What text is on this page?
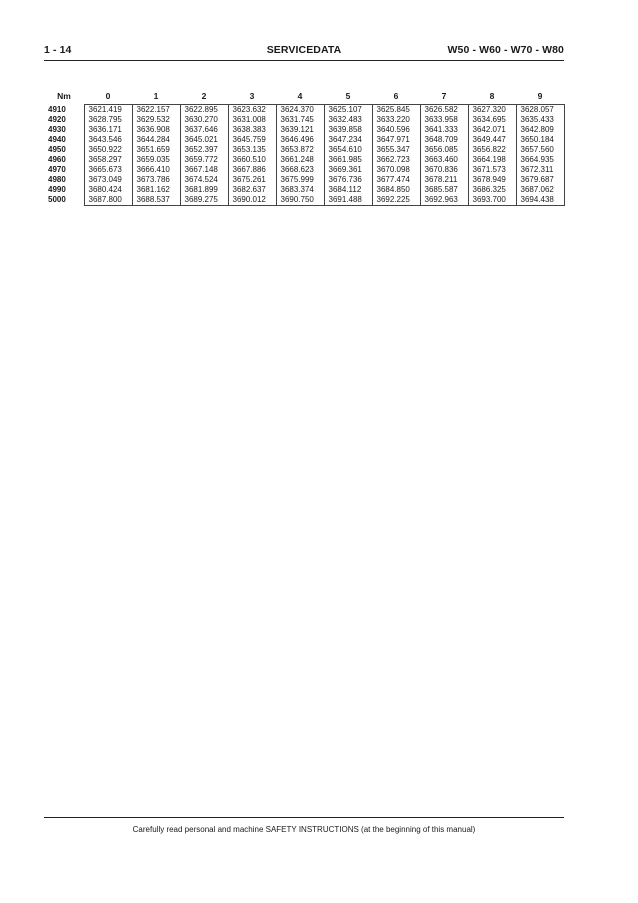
1 - 14	SERVICEDATA	W50 - W60 - W70 - W80
Nm	0	1	2	3	4	5	6	7	8	9

4910	3621.419	3622.157	3622.895	3623.632	3624.370	3625.107	3625.845	3626.582	3627.320	3628.057
4920	3628.795	3629.532	3630.270	3631.008	3631.745	3632.483	3633.220	3633.958	3634.695	3635.433
4930	3636.171	3636.908	3637.646	3638.383	3639.121	3639.858	3640.596	3641.333	3642.071	3642.809
4940	3643.546	3644.284	3645.021	3645.759	3646.496	3647.234	3647.971	3648.709	3649.447	3650.184
4950	3650.922	3651.659	3652.397	3653.135	3653.872	3654.610	3655.347	3656.085	3656.822	3657.560
4960	3658.297	3659.035	3659.772	3660.510	3661.248	3661.985	3662.723	3663.460	3664.198	3664.935
4970	3665.673	3666.410	3667.148	3667.886	3668.623	3669.361	3670.098	3670.836	3671.573	3672.311
4980	3673.049	3673.786	3674.524	3675.261	3675.999	3676.736	3677.474	3678.211	3678.949	3679.687
4990	3680.424	3681.162	3681.899	3682.637	3683.374	3684.112	3684.850	3685.587	3686.325	3687.062
5000	3687.800	3688.537	3689.275	3690.012	3690.750	3691.488	3692.225	3692.963	3693.700	3694.438
Carefully read personal and machine SAFETY INSTRUCTIONS (at the beginning of this manual)
